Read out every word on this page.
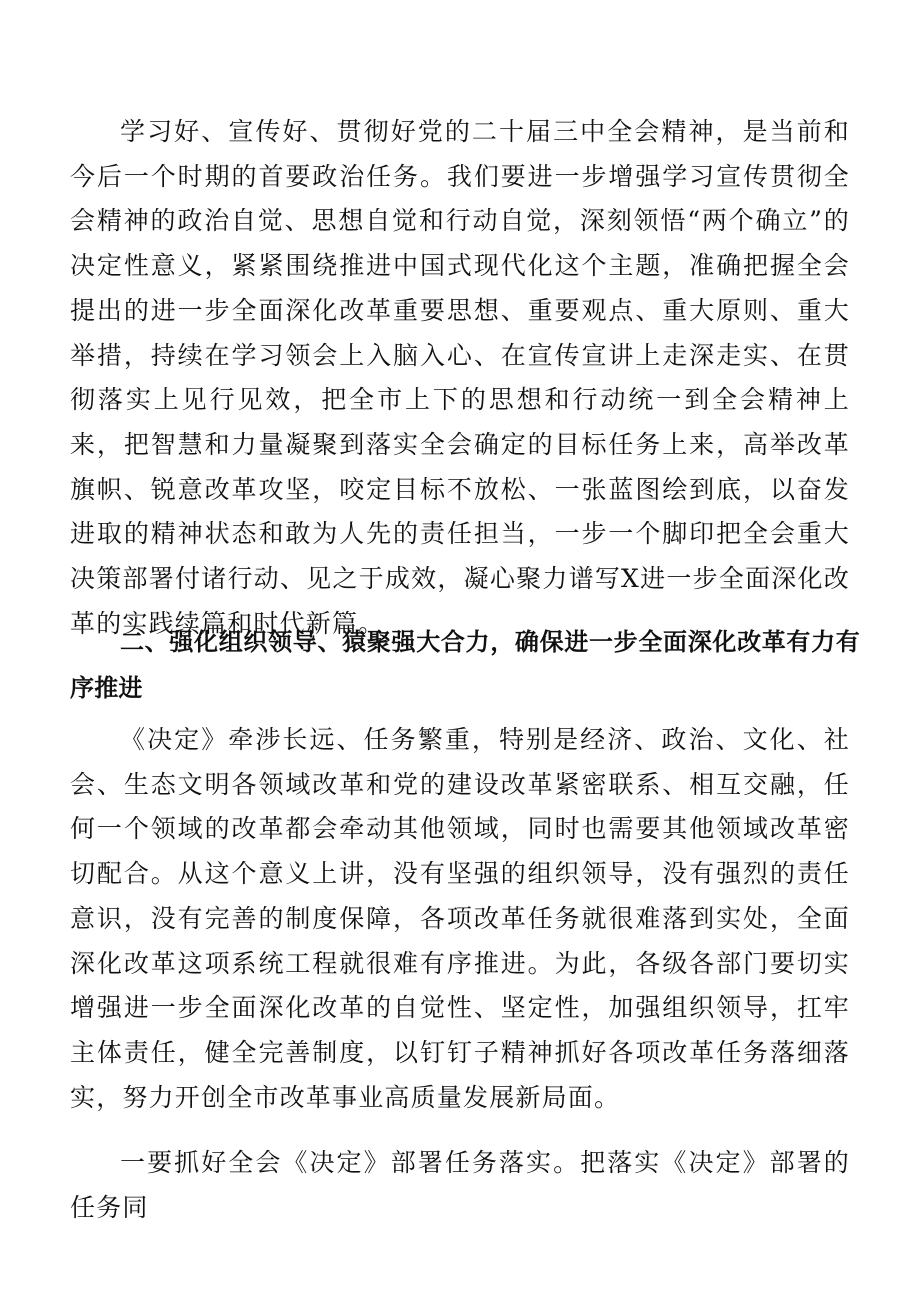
学习好、宣传好、贯彻好党的二十届三中全会精神，是当前和今后一个时期的首要政治任务。我们要进一步增强学习宣传贯彻全会精神的政治自觉、思想自觉和行动自觉，深刻领悟“两个确立”的决定性意义，紧紧围绕推进中国式现代化这个主题，准确把握全会提出的进一步全面深化改革重要思想、重要观点、重大原则、重大举措，持续在学习领会上入脑入心、在宣传宣讲上走深走实、在贯彻落实上见行见效，把全市上下的思想和行动统一到全会精神上来，把智慧和力量凝聚到落实全会确定的目标任务上来，高举改革旗帜、锐意改革攻坚，咬定目标不放松、一张蓝图绘到底，以奋发进取的精神状态和敢为人先的责任担当，一步一个脚印把全会重大决策部署付诸行动、见之于成效，凝心聚力谱写X进一步全面深化改革的实践续篇和时代新篇。

二、强化组织领导、猿聚强大合力，确保进一步全面深化改革有力有序推进

《决定》牵涉长远、任务繁重，特别是经济、政治、文化、社会、生态文明各领域改革和党的建设改革紧密联系、相互交融，任何一个领域的改革都会牵动其他领域，同时也需要其他领域改革密切配合。从这个意义上讲，没有坚强的组织领导，没有强烈的责任意识，没有完善的制度保障，各项改革任务就很难落到实处，全面深化改革这项系统工程就很难有序推进。为此，各级各部门要切实增强进一步全面深化改革的自觉性、坚定性，加强组织领导，扛牢主体责任，健全完善制度，以钉钉子精神抓好各项改革任务落细落实，努力开创全市改革事业高质量发展新局面。

一要抓好全会《决定》部署任务落实。把落实《决定》部署的任务同
